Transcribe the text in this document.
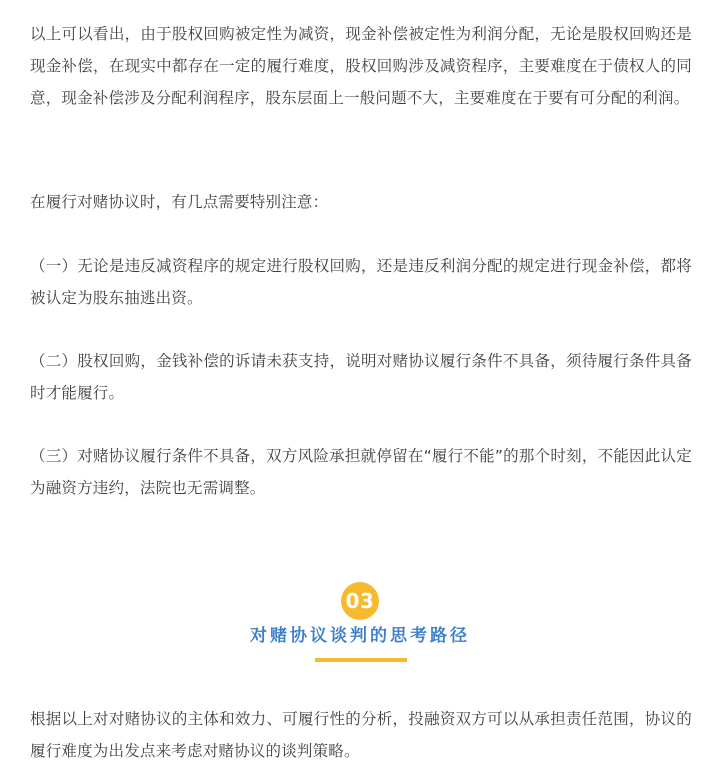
以上可以看出，由于股权回购被定性为减资，现金补偿被定性为利润分配，无论是股权回购还是现金补偿，在现实中都存在一定的履行难度，股权回购涉及减资程序，主要难度在于债权人的同意，现金补偿涉及分配利润程序，股东层面上一般问题不大，主要难度在于要有可分配的利润。

在履行对赌协议时，有几点需要特别注意：

（一）无论是违反减资程序的规定进行股权回购，还是违反利润分配的规定进行现金补偿，都将被认定为股东抽逃出资。

（二）股权回购，金钱补偿的诉请未获支持，说明对赌协议履行条件不具备，须待履行条件具备时才能履行。

（三）对赌协议履行条件不具备，双方风险承担就停留在“履行不能”的那个时刻，不能因此认定为融资方违约，法院也无需调整。

根据以上对对赌协议的主体和效力、可履行性的分析，投融资双方可以从承担责任范围，协议的履行难度为出发点来考虑对赌协议的谈判策略。

03
对赌协议谈判的思考路径
